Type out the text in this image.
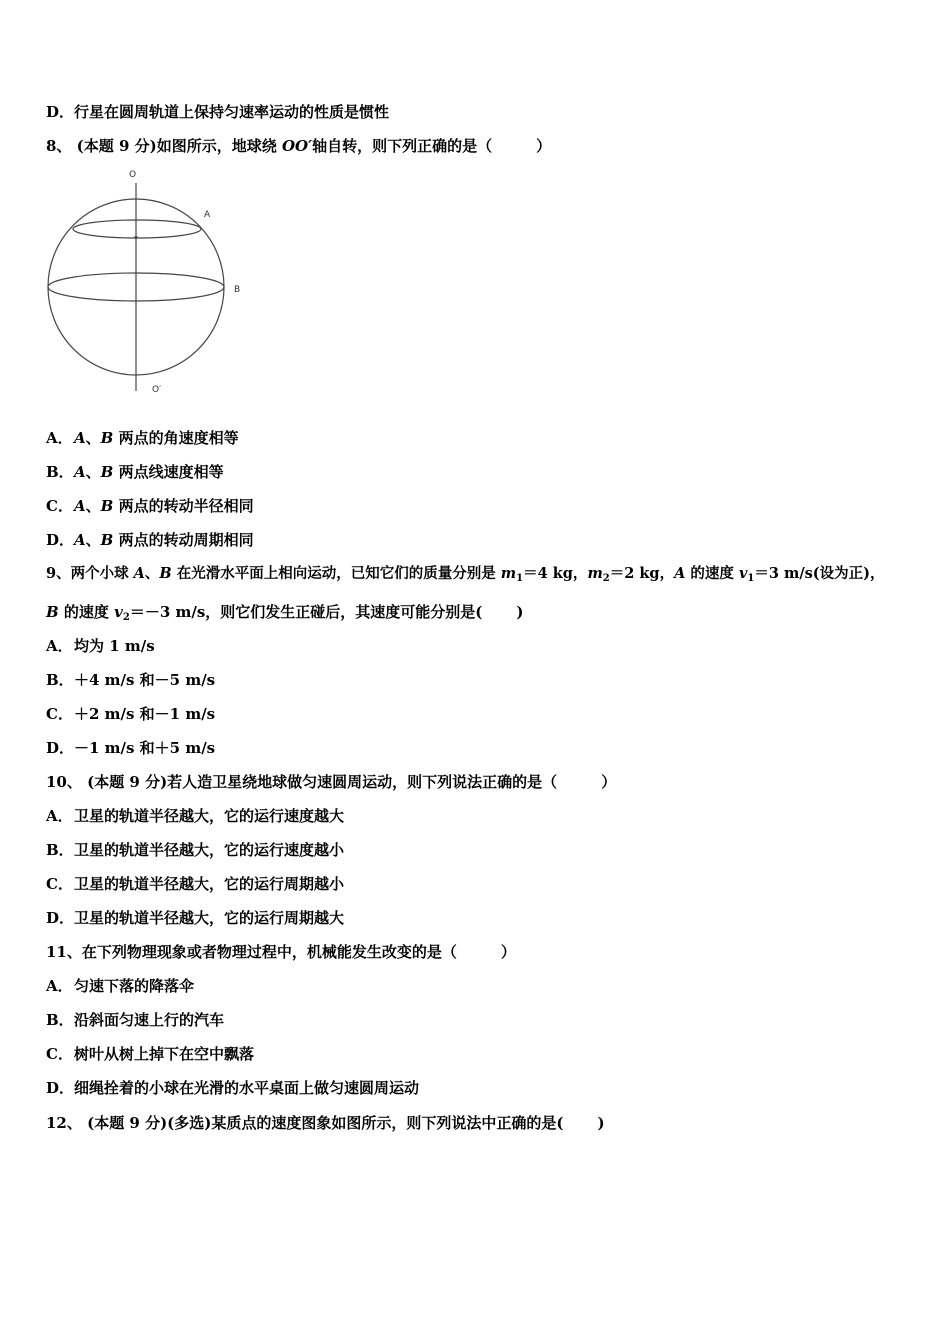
D．行星在圆周轨道上保持匀速率运动的性质是惯性
8、 (本题 9 分)如图所示，地球绕 OO′轴自转，则下列正确的是（	）
O
O′
A
B
A．A、B 两点的角速度相等
B．A、B 两点线速度相等
C．A、B 两点的转动半径相同
D．A、B 两点的转动周期相同
9、两个小球 A、B 在光滑水平面上相向运动，已知它们的质量分别是 $m_1=4$ kg，$m_2=2$ kg，A 的速度 $v_1=3$ m/s(设为正)，
B 的速度 $v_2=-3$ m/s，则它们发生正碰后，其速度可能分别是( )
A．均为 1 m/s
B．＋4 m/s 和－5 m/s
C．＋2 m/s 和－1 m/s
D．－1 m/s 和＋5 m/s
10、 (本题 9 分)若人造卫星绕地球做匀速圆周运动，则下列说法正确的是（	）
A．卫星的轨道半径越大，它的运行速度越大
B．卫星的轨道半径越大，它的运行速度越小
C．卫星的轨道半径越大，它的运行周期越小
D．卫星的轨道半径越大，它的运行周期越大
11、在下列物理现象或者物理过程中，机械能发生改变的是（	）
A．匀速下落的降落伞
B．沿斜面匀速上行的汽车
C．树叶从树上掉下在空中飘落
D．细绳拴着的小球在光滑的水平桌面上做匀速圆周运动
12、 (本题 9 分)(多选)某质点的速度图象如图所示，则下列说法中正确的是( )
